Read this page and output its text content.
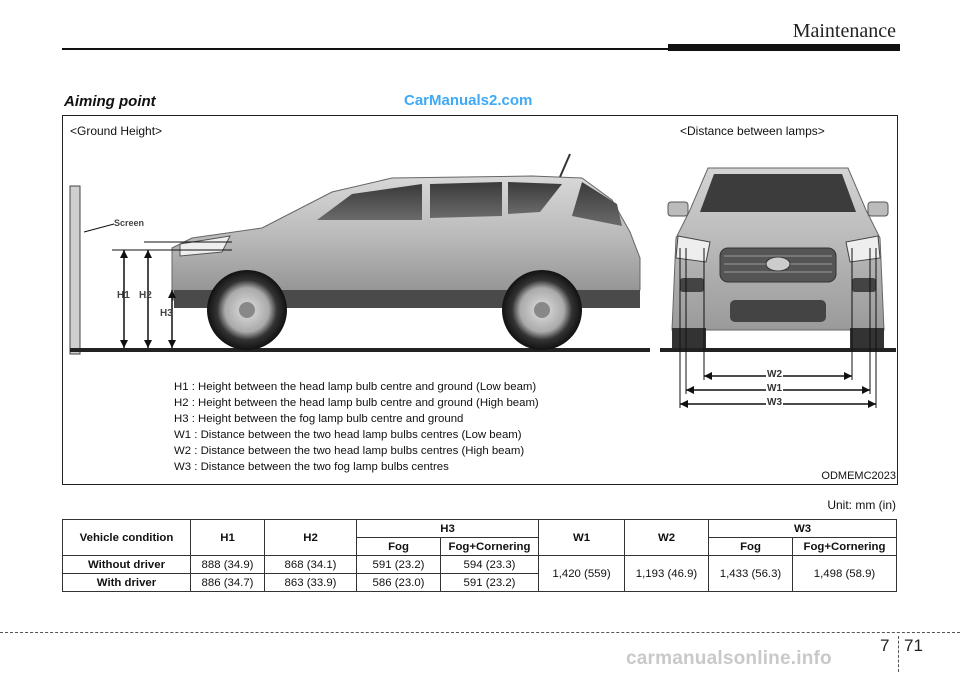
Maintenance
Aiming point	CarManuals2.com
<Ground Height>	<Distance between lamps>
Screen
H1 H2
H3
W2
W1
W3
H1 : Height between the head lamp bulb centre and ground (Low beam)
H2 : Height between the head lamp bulb centre and ground (High beam)
H3 : Height between the fog lamp bulb centre and ground
W1 : Distance between the two head lamp bulbs centres (Low beam)
W2 : Distance between the two head lamp bulbs centres (High beam)
W3 : Distance between the two fog lamp bulbs centres
ODMEMC2023
Unit: mm (in)
Vehicle condition	H1	H2	H3		W1	W2	W3	
			Fog	Fog+Cornering			Fog	Fog+Cornering
Without driver	888 (34.9)	868 (34.1)	591 (23.2)	594 (23.3)	1,420 (559)	1,193 (46.9)	1,433 (56.3)	1,498 (58.9)
With driver	886 (34.7)	863 (33.9)	586 (23.0)	591 (23.2)				
7 71
carmanualsonline.info
